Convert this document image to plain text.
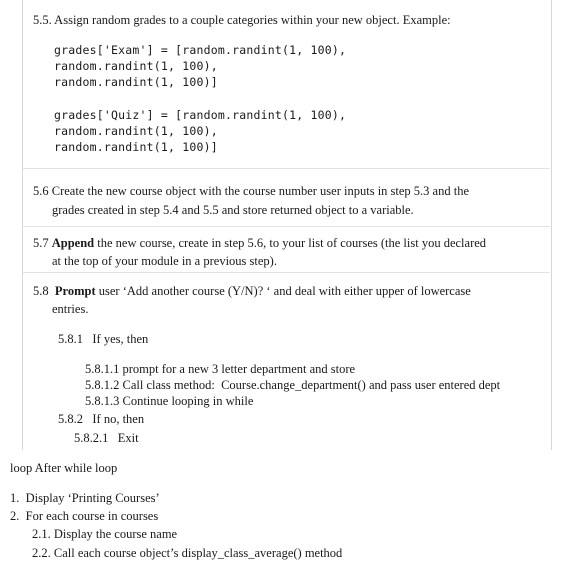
5.5. Assign random grades to a couple categories within your new object. Example:
grades['Exam'] = [random.randint(1, 100),
random.randint(1, 100),
random.randint(1, 100)]
grades['Quiz'] = [random.randint(1, 100),
random.randint(1, 100),
random.randint(1, 100)]
5.6 Create the new course object with the course number user inputs in step 5.3 and the
grades created in step 5.4 and 5.5 and store returned object to a variable.
5.7 Append the new course, create in step 5.6, to your list of courses (the list you declared
at the top of your module in a previous step).
5.8 Prompt user ‘Add another course (Y/N)? ‘ and deal with either upper of lowercase
entries.
5.8.1   If yes, then
5.8.1.1 prompt for a new 3 letter department and store
5.8.1.2 Call class method:  Course.change_department() and pass user entered dept
5.8.1.3 Continue looping in while
5.8.2   If no, then
5.8.2.1   Exit
loop After while loop
1.  Display ‘Printing Courses’
2.  For each course in courses
2.1. Display the course name
2.2. Call each course object’s display_class_average() method
